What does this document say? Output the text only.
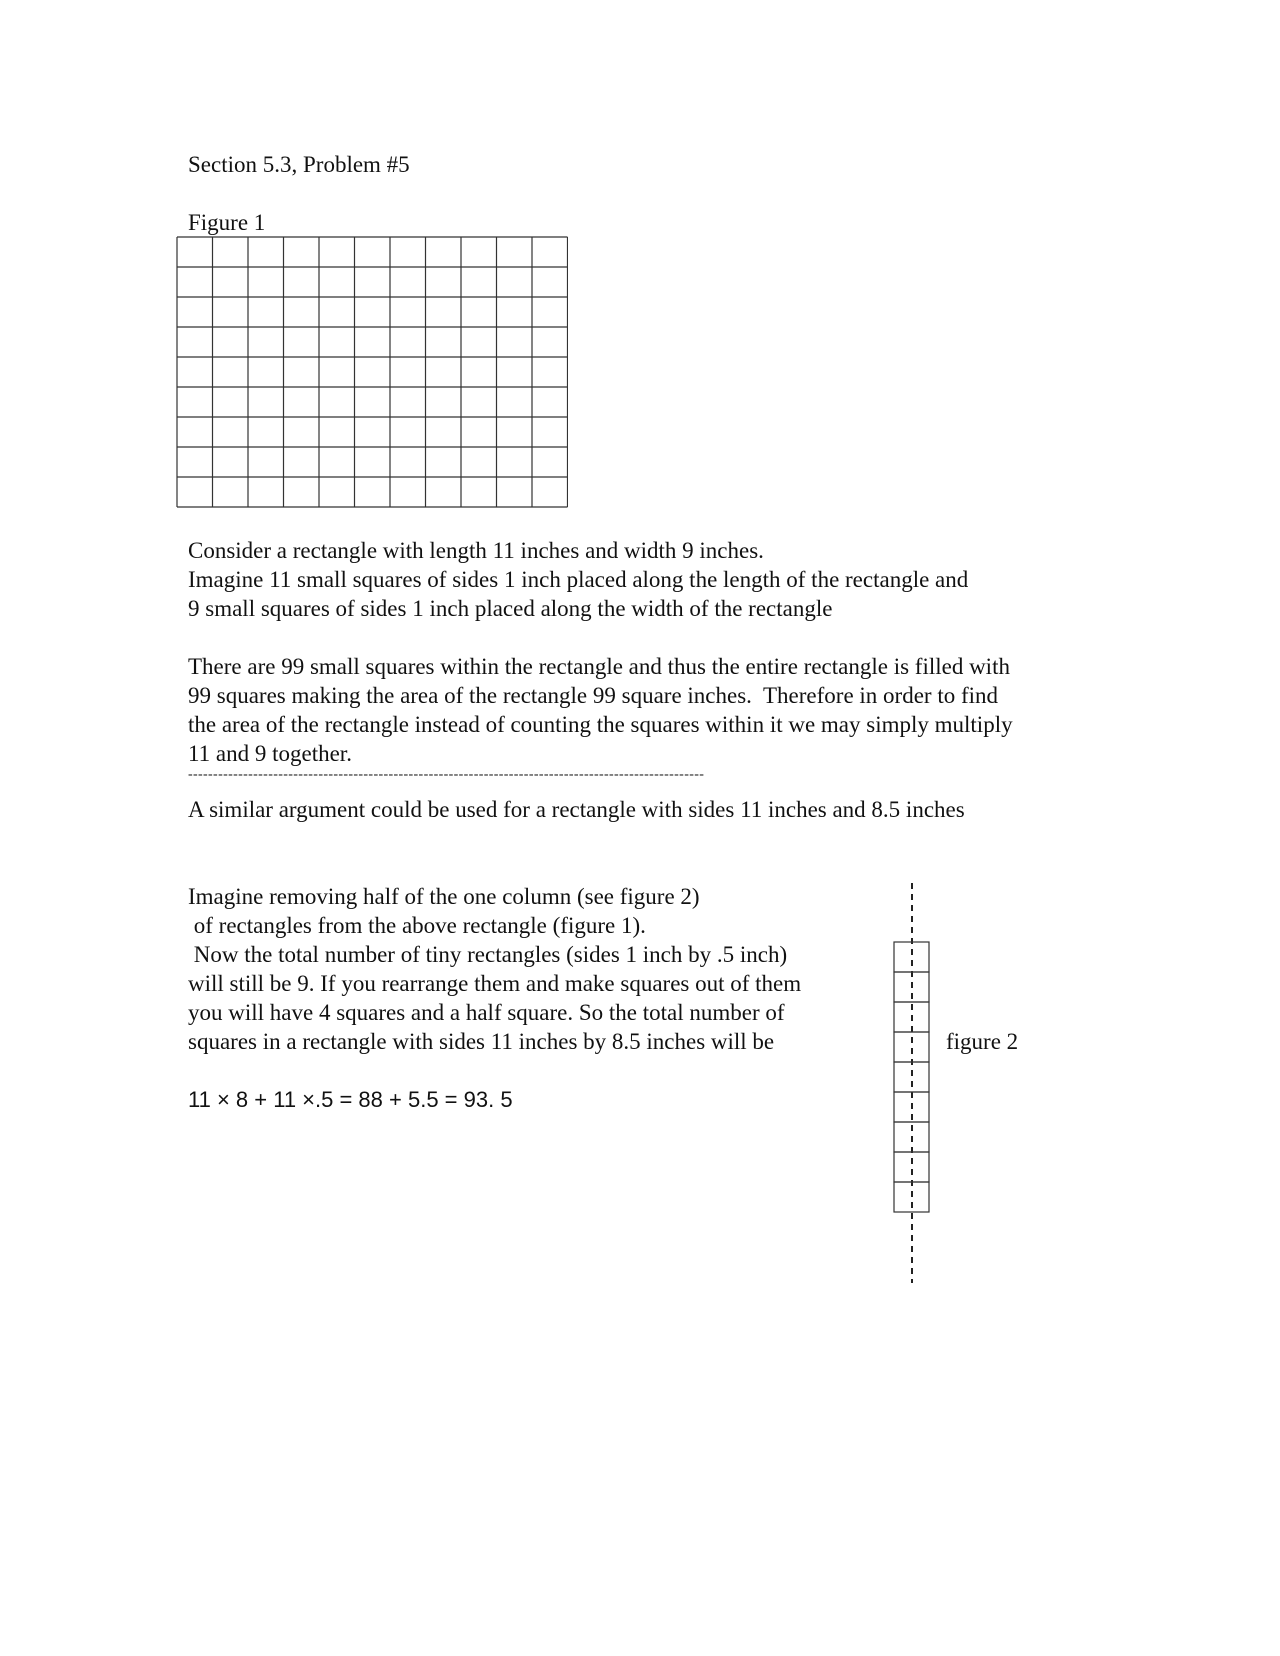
Section 5.3, Problem #5
Figure 1
Consider a rectangle with length 11 inches and width 9 inches.
Imagine 11 small squares of sides 1 inch placed along the length of the rectangle and
9 small squares of sides 1 inch placed along the width of the rectangle
There are 99 small squares within the rectangle and thus the entire rectangle is filled with
99 squares making the area of the rectangle 99 square inches.  Therefore in order to find
the area of the rectangle instead of counting the squares within it we may simply multiply
11 and 9 together.
-------------------------------------------------------------------------------------------------------
A similar argument could be used for a rectangle with sides 11 inches and 8.5 inches
Imagine removing half of the one column (see figure 2)
of rectangles from the above rectangle (figure 1).
Now the total number of tiny rectangles (sides 1 inch by .5 inch)
will still be 9. If you rearrange them and make squares out of them
you will have 4 squares and a half square. So the total number of
squares in a rectangle with sides 11 inches by 8.5 inches will be
11 × 8 + 11 ×.5 = 88 + 5.5 = 93. 5
figure 2
